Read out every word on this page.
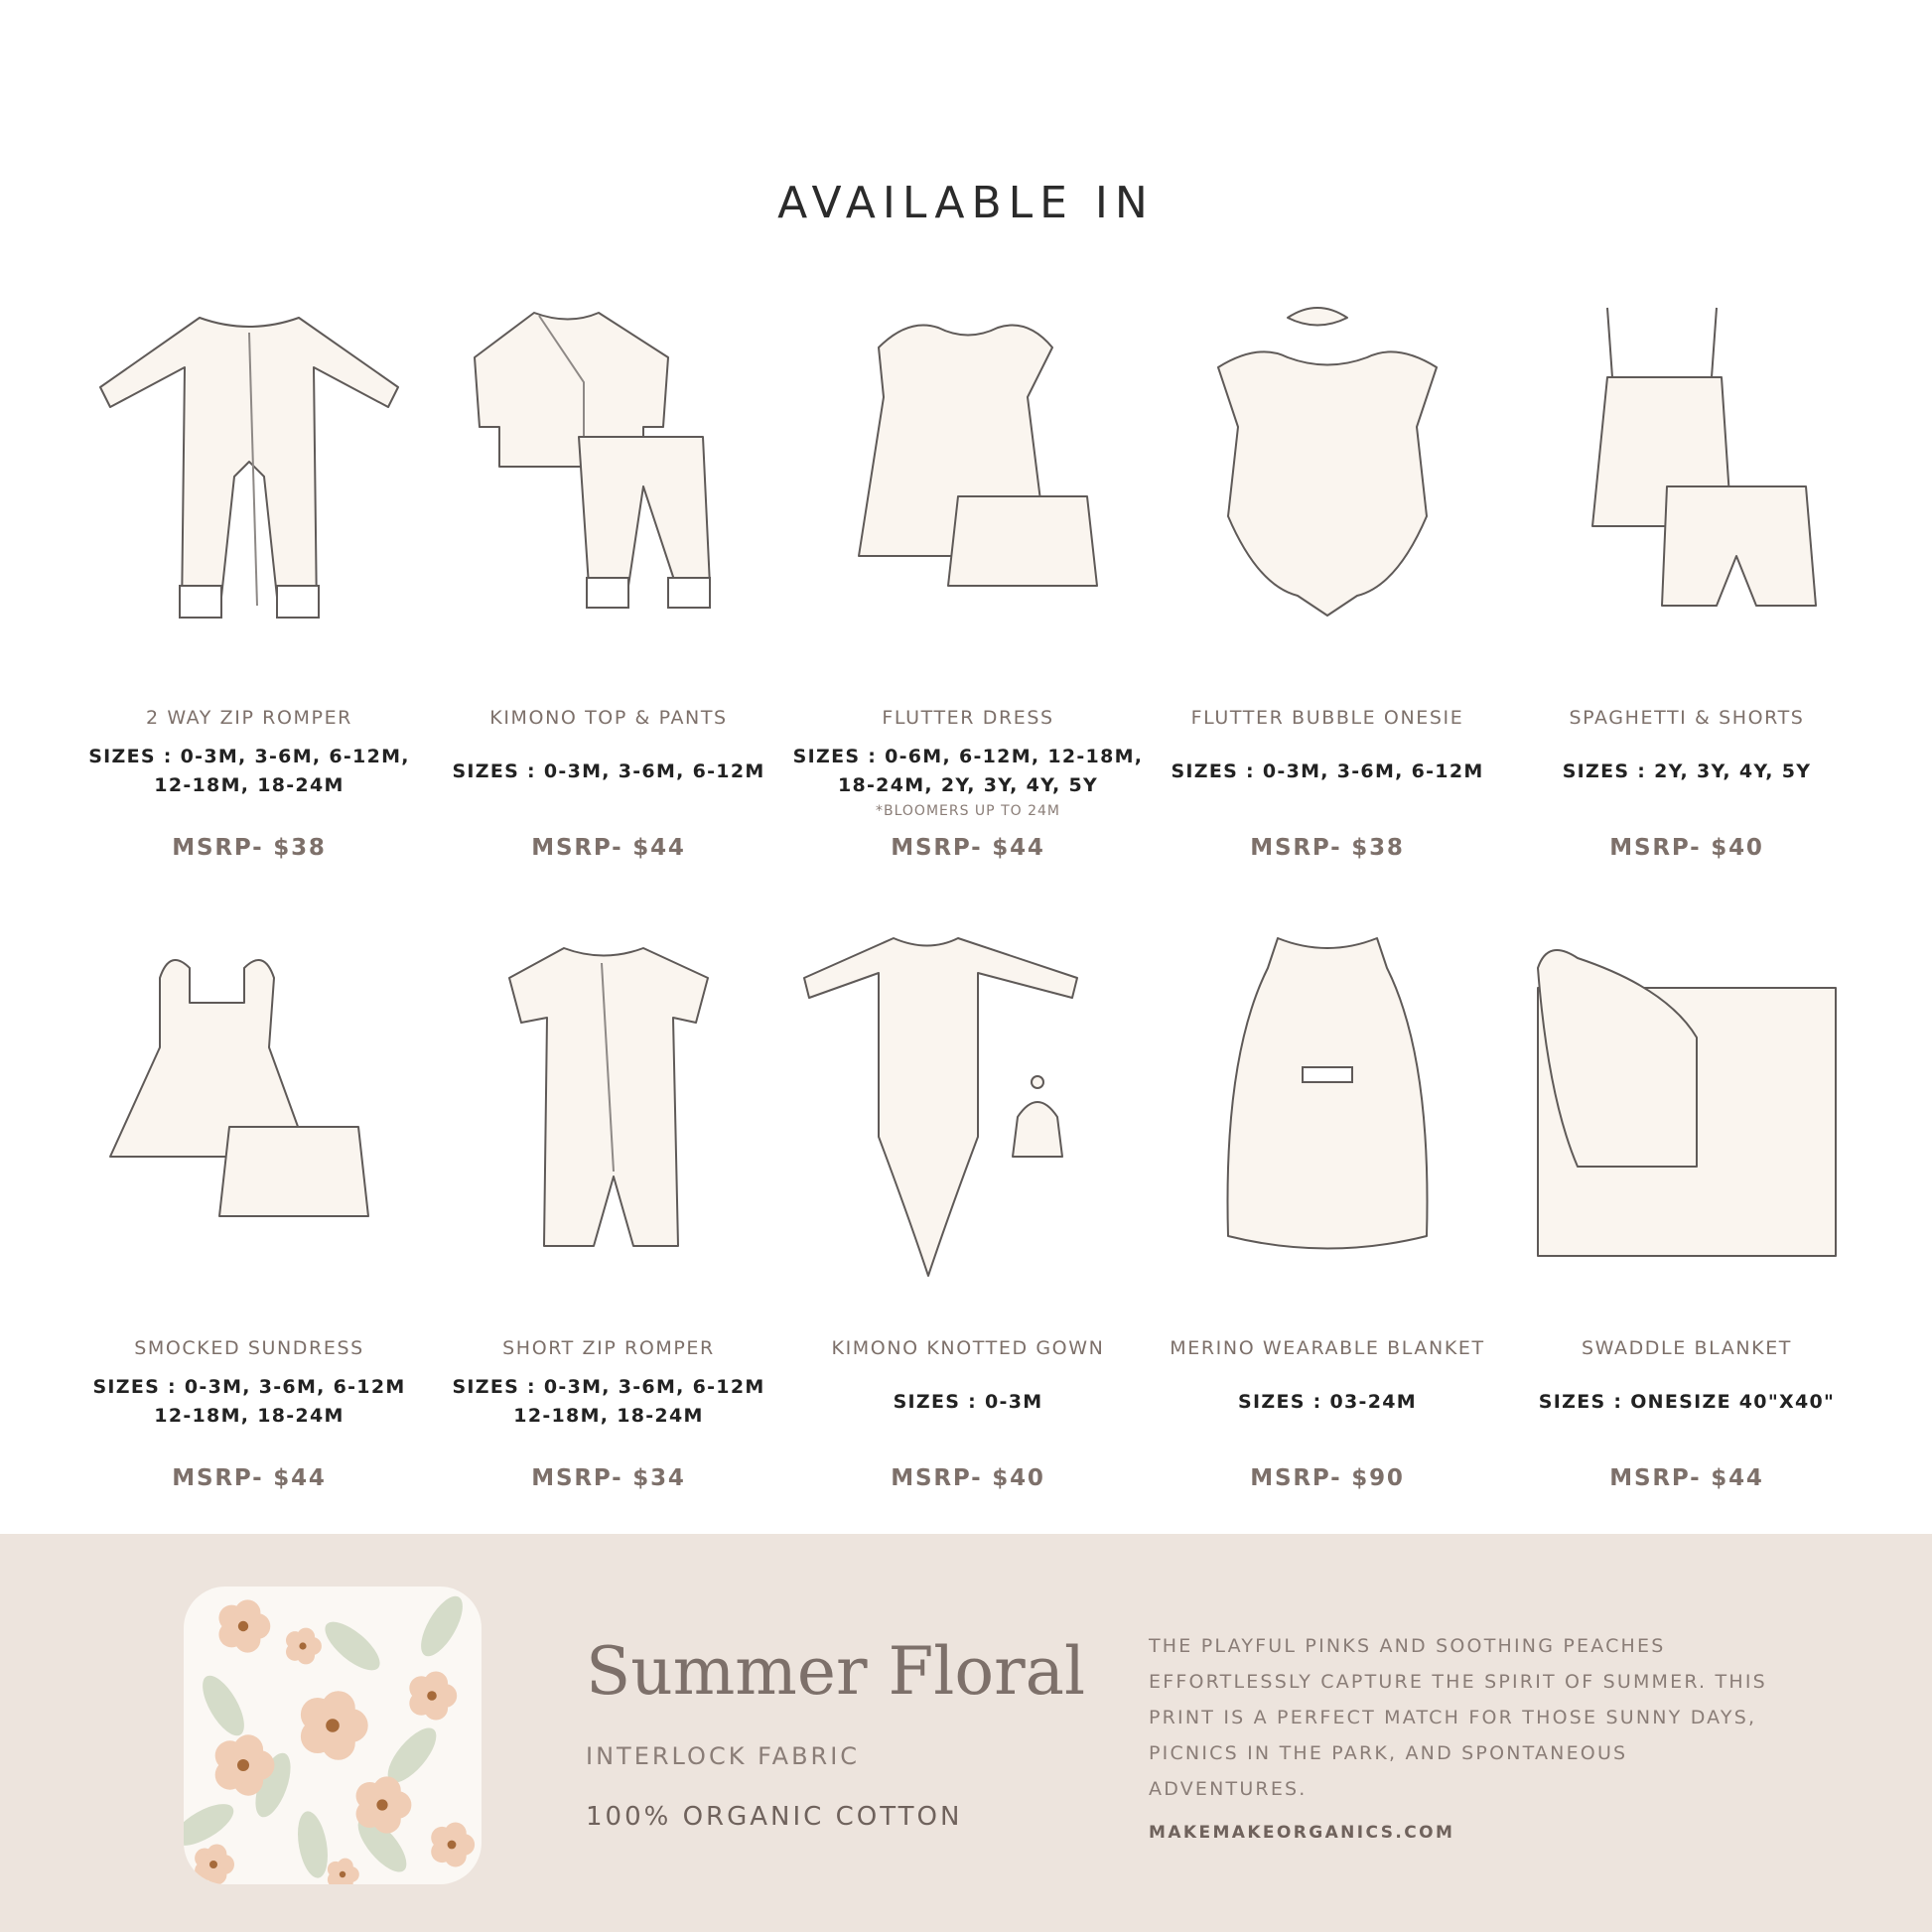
AVAILABLE IN
2 WAY ZIP ROMPER
SIZES : 0-3M, 3-6M, 6-12M,
12-18M, 18-24M
MSRP- $38
KIMONO TOP & PANTS
SIZES : 0-3M, 3-6M, 6-12M
MSRP- $44
FLUTTER DRESS
SIZES : 0-6M, 6-12M, 12-18M,
18-24M, 2Y, 3Y, 4Y, 5Y
*BLOOMERS UP TO 24M
MSRP- $44
FLUTTER BUBBLE ONESIE
SIZES : 0-3M, 3-6M, 6-12M
MSRP- $38
SPAGHETTI & SHORTS
SIZES : 2Y, 3Y, 4Y, 5Y
MSRP- $40
SMOCKED SUNDRESS
SIZES : 0-3M, 3-6M, 6-12M
12-18M, 18-24M
MSRP- $44
SHORT ZIP ROMPER
SIZES : 0-3M, 3-6M, 6-12M
12-18M, 18-24M
MSRP- $34
KIMONO KNOTTED GOWN
SIZES : 0-3M
MSRP- $40
MERINO WEARABLE BLANKET
SIZES : 03-24M
MSRP- $90
SWADDLE BLANKET
SIZES : ONESIZE 40"X40"
MSRP- $44
Summer Floral
INTERLOCK FABRIC
100% ORGANIC COTTON
THE PLAYFUL PINKS AND SOOTHING PEACHES EFFORTLESSLY CAPTURE THE SPIRIT OF SUMMER. THIS PRINT IS A PERFECT MATCH FOR THOSE SUNNY DAYS, PICNICS IN THE PARK, AND SPONTANEOUS ADVENTURES.
MAKEMAKEORGANICS.COM
